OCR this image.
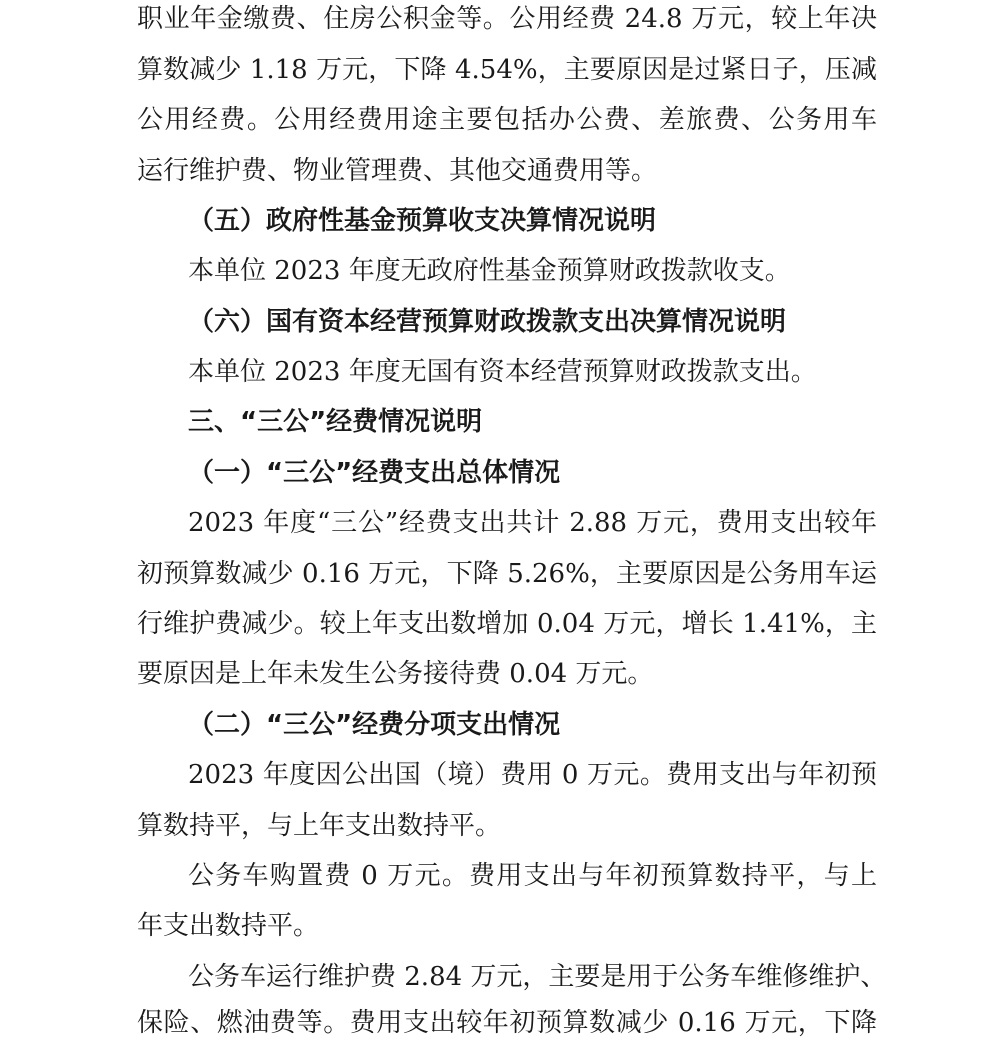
职业年金缴费、住房公积金等。公用经费 24.8 万元，较上年决
算数减少 1.18 万元，下降 4.54%，主要原因是过紧日子，压减
公用经费。公用经费用途主要包括办公费、差旅费、公务用车
运行维护费、物业管理费、其他交通费用等。
（五）政府性基金预算收支决算情况说明
本单位 2023 年度无政府性基金预算财政拨款收支。
（六）国有资本经营预算财政拨款支出决算情况说明
本单位 2023 年度无国有资本经营预算财政拨款支出。
三、“三公”经费情况说明
（一）“三公”经费支出总体情况
2023 年度“三公”经费支出共计 2.88 万元，费用支出较年
初预算数减少 0.16 万元，下降 5.26%，主要原因是公务用车运
行维护费减少。较上年支出数增加 0.04 万元，增长 1.41%，主
要原因是上年未发生公务接待费 0.04 万元。
（二）“三公”经费分项支出情况
2023 年度因公出国（境）费用 0 万元。费用支出与年初预
算数持平，与上年支出数持平。
公务车购置费 0 万元。费用支出与年初预算数持平，与上
年支出数持平。
公务车运行维护费 2.84 万元，主要是用于公务车维修维护、
保险、燃油费等。费用支出较年初预算数减少 0.16 万元，下降
